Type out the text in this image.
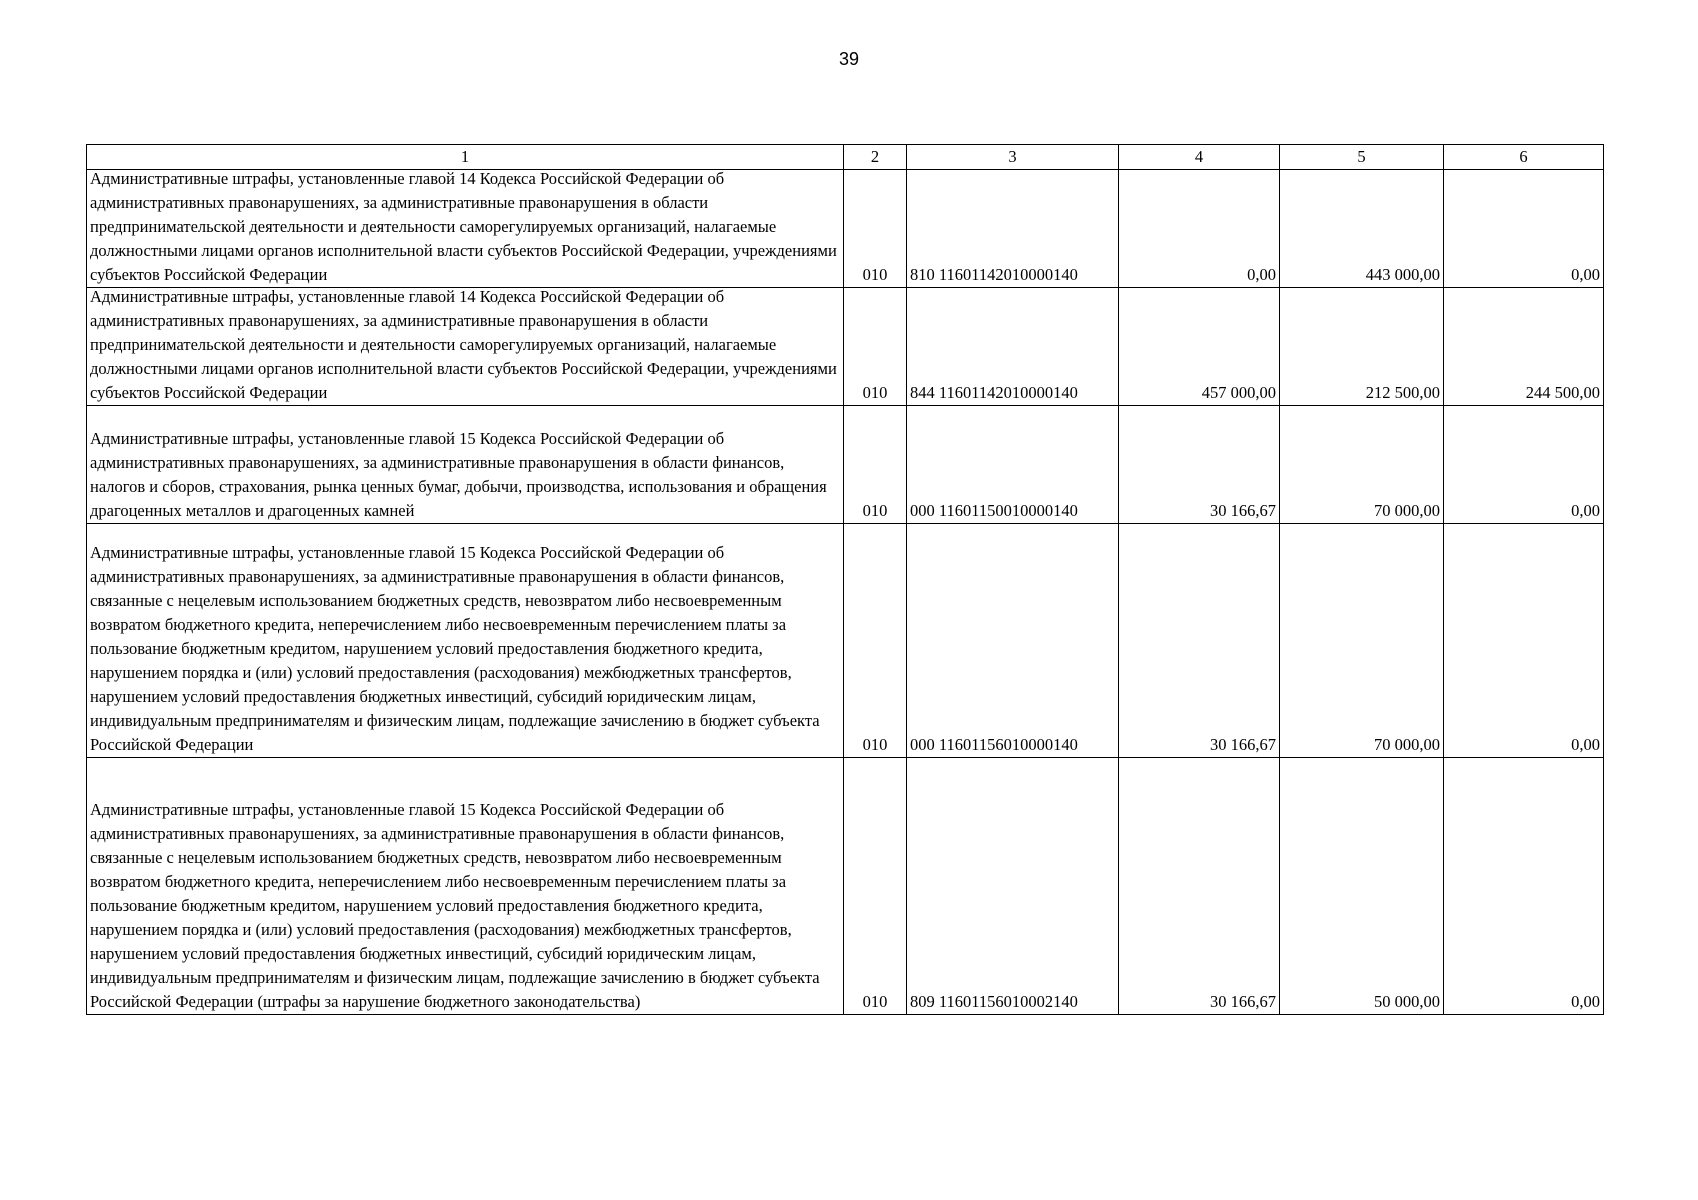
39
1	2	3	4	5	6

Административные штрафы, установленные главой 14 Кодекса Российской Федерации об административных правонарушениях, за административные правонарушения в области предпринимательской деятельности и деятельности саморегулируемых организаций, налагаемые должностными лицами органов исполнительной власти субъектов Российской Федерации, учреждениями субъектов Российской Федерации	010	810 11601142010000140	0,00	443 000,00	0,00

Административные штрафы, установленные главой 14 Кодекса Российской Федерации об административных правонарушениях, за административные правонарушения в области предпринимательской деятельности и деятельности саморегулируемых организаций, налагаемые должностными лицами органов исполнительной власти субъектов Российской Федерации, учреждениями субъектов Российской Федерации	010	844 11601142010000140	457 000,00	212 500,00	244 500,00

Административные штрафы, установленные главой 15 Кодекса Российской Федерации об административных правонарушениях, за административные правонарушения в области финансов, налогов и сборов, страхования, рынка ценных бумаг, добычи, производства, использования и обращения драгоценных металлов и драгоценных камней	010	000 11601150010000140	30 166,67	70 000,00	0,00

Административные штрафы, установленные главой 15 Кодекса Российской Федерации об административных правонарушениях, за административные правонарушения в области финансов, связанные с нецелевым использованием бюджетных средств, невозвратом либо несвоевременным возвратом бюджетного кредита, неперечислением либо несвоевременным перечислением платы за пользование бюджетным кредитом, нарушением условий предоставления бюджетного кредита, нарушением порядка и (или) условий предоставления (расходования) межбюджетных трансфертов, нарушением условий предоставления бюджетных инвестиций, субсидий юридическим лицам, индивидуальным предпринимателям и физическим лицам, подлежащие зачислению в бюджет субъекта Российской Федерации	010	000 11601156010000140	30 166,67	70 000,00	0,00

Административные штрафы, установленные главой 15 Кодекса Российской Федерации об административных правонарушениях, за административные правонарушения в области финансов, связанные с нецелевым использованием бюджетных средств, невозвратом либо несвоевременным возвратом бюджетного кредита, неперечислением либо несвоевременным перечислением платы за пользование бюджетным кредитом, нарушением условий предоставления бюджетного кредита, нарушением порядка и (или) условий предоставления (расходования) межбюджетных трансфертов, нарушением условий предоставления бюджетных инвестиций, субсидий юридическим лицам, индивидуальным предпринимателям и физическим лицам, подлежащие зачислению в бюджет субъекта Российской Федерации (штрафы за нарушение бюджетного законодательства)	010	809 11601156010002140	30 166,67	50 000,00	0,00
